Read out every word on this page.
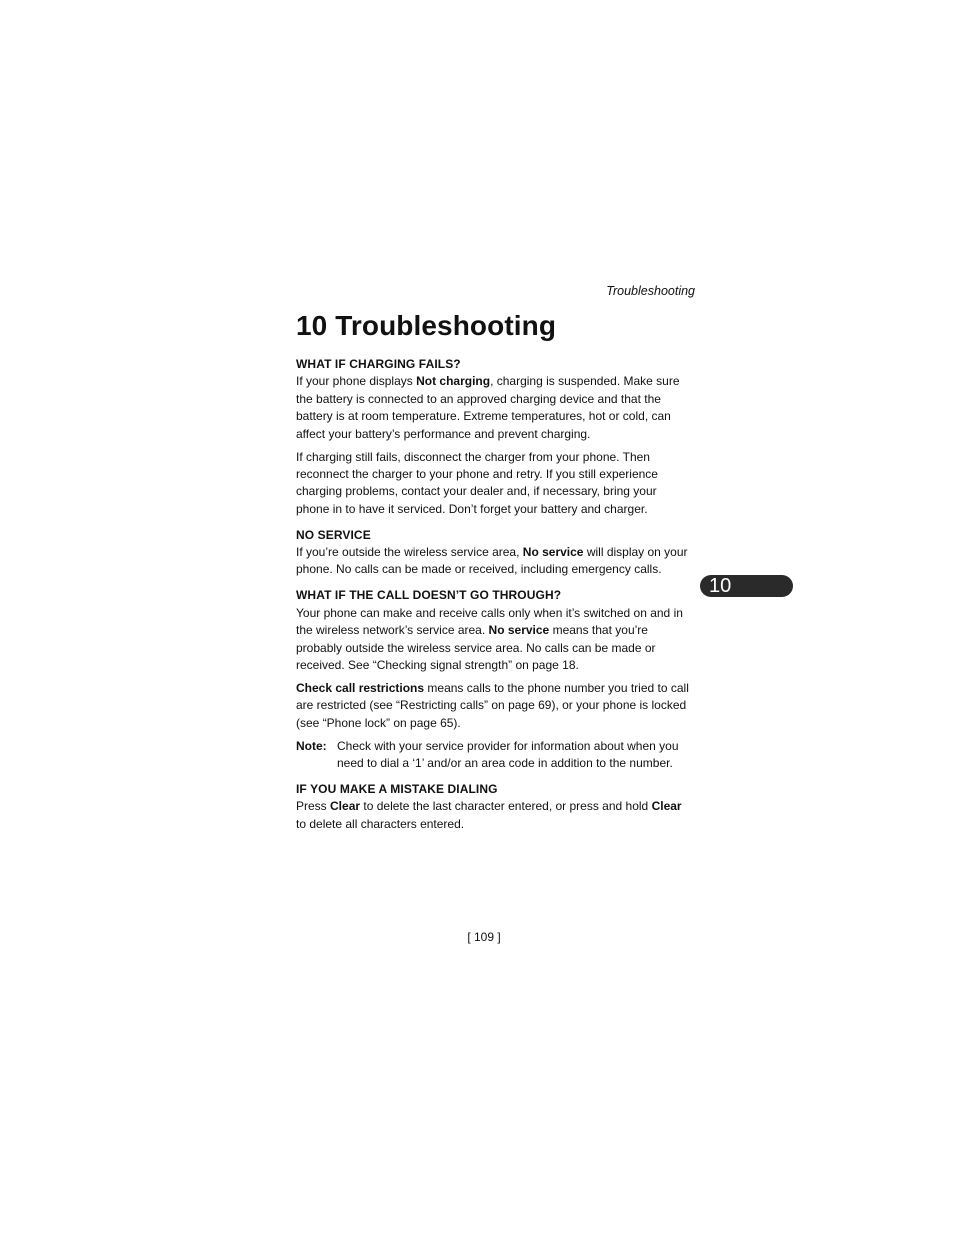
Troubleshooting
10 Troubleshooting
WHAT IF CHARGING FAILS?

If your phone displays Not charging, charging is suspended. Make sure the battery is connected to an approved charging device and that the battery is at room temperature. Extreme temperatures, hot or cold, can affect your battery’s performance and prevent charging.

If charging still fails, disconnect the charger from your phone. Then reconnect the charger to your phone and retry. If you still experience charging problems, contact your dealer and, if necessary, bring your phone in to have it serviced. Don’t forget your battery and charger.

NO SERVICE

If you’re outside the wireless service area, No service will display on your phone. No calls can be made or received, including emergency calls.

WHAT IF THE CALL DOESN’T GO THROUGH?

Your phone can make and receive calls only when it’s switched on and in the wireless network’s service area. No service means that you’re probably outside the wireless service area. No calls can be made or received. See “Checking signal strength” on page 18.

Check call restrictions means calls to the phone number you tried to call are restricted (see “Restricting calls” on page 69), or your phone is locked (see “Phone lock” on page 65).

Note: Check with your service provider for information about when you need to dial a ‘1’ and/or an area code in addition to the number.
IF YOU MAKE A MISTAKE DIALING

Press Clear to delete the last character entered, or press and hold Clear to delete all characters entered.

10
[ 109 ]
